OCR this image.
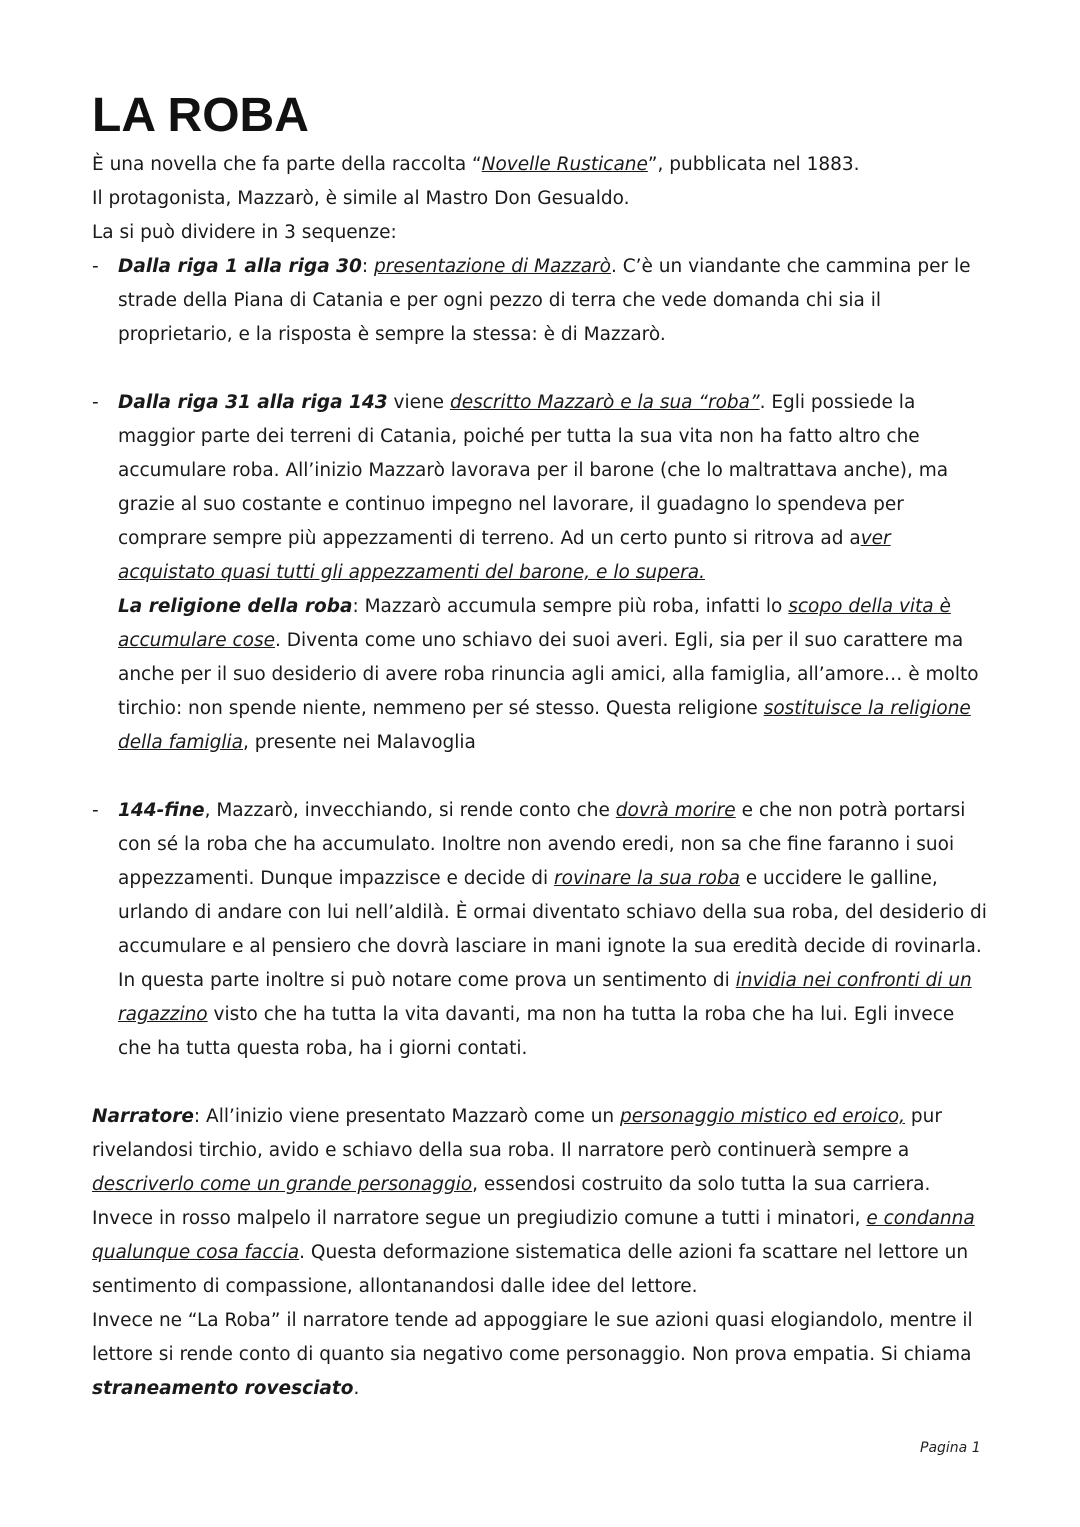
LA ROBA

È una novella che fa parte della raccolta “Novelle Rusticane”, pubblicata nel 1883.

Il protagonista, Mazzarò, è simile al Mastro Don Gesualdo.

La si può dividere in 3 sequenze:

- Dalla riga 1 alla riga 30: presentazione di Mazzarò. C’è un viandante che cammina per le strade della Piana di Catania e per ogni pezzo di terra che vede domanda chi sia il proprietario, e la risposta è sempre la stessa: è di Mazzarò.

- Dalla riga 31 alla riga 143 viene descritto Mazzarò e la sua “roba”. Egli possiede la maggior parte dei terreni di Catania, poiché per tutta la sua vita non ha fatto altro che accumulare roba. All’inizio Mazzarò lavorava per il barone (che lo maltrattava anche), ma grazie al suo costante e continuo impegno nel lavorare, il guadagno lo spendeva per comprare sempre più appezzamenti di terreno. Ad un certo punto si ritrova ad aver acquistato quasi tutti gli appezzamenti del barone, e lo supera.

La religione della roba: Mazzarò accumula sempre più roba, infatti lo scopo della vita è accumulare cose. Diventa come uno schiavo dei suoi averi. Egli, sia per il suo carattere ma anche per il suo desiderio di avere roba rinuncia agli amici, alla famiglia, all’amore… è molto tirchio: non spende niente, nemmeno per sé stesso. Questa religione sostituisce la religione della famiglia, presente nei Malavoglia

- 144-fine, Mazzarò, invecchiando, si rende conto che dovrà morire e che non potrà portarsi con sé la roba che ha accumulato. Inoltre non avendo eredi, non sa che fine faranno i suoi appezzamenti. Dunque impazzisce e decide di rovinare la sua roba e uccidere le galline, urlando di andare con lui nell’aldilà. È ormai diventato schiavo della sua roba, del desiderio di accumulare e al pensiero che dovrà lasciare in mani ignote la sua eredità decide di rovinarla.

In questa parte inoltre si può notare come prova un sentimento di invidia nei confronti di un ragazzino visto che ha tutta la vita davanti, ma non ha tutta la roba che ha lui. Egli invece che ha tutta questa roba, ha i giorni contati.

Narratore: All’inizio viene presentato Mazzarò come un personaggio mistico ed eroico, pur rivelandosi tirchio, avido e schiavo della sua roba. Il narratore però continuerà sempre a descriverlo come un grande personaggio, essendosi costruito da solo tutta la sua carriera. Invece in rosso malpelo il narratore segue un pregiudizio comune a tutti i minatori, e condanna qualunque cosa faccia. Questa deformazione sistematica delle azioni fa scattare nel lettore un sentimento di compassione, allontanandosi dalle idee del lettore.

Invece ne “La Roba” il narratore tende ad appoggiare le sue azioni quasi elogiandolo, mentre il lettore si rende conto di quanto sia negativo come personaggio. Non prova empatia. Si chiama straneamento rovesciato.

Pagina 1
